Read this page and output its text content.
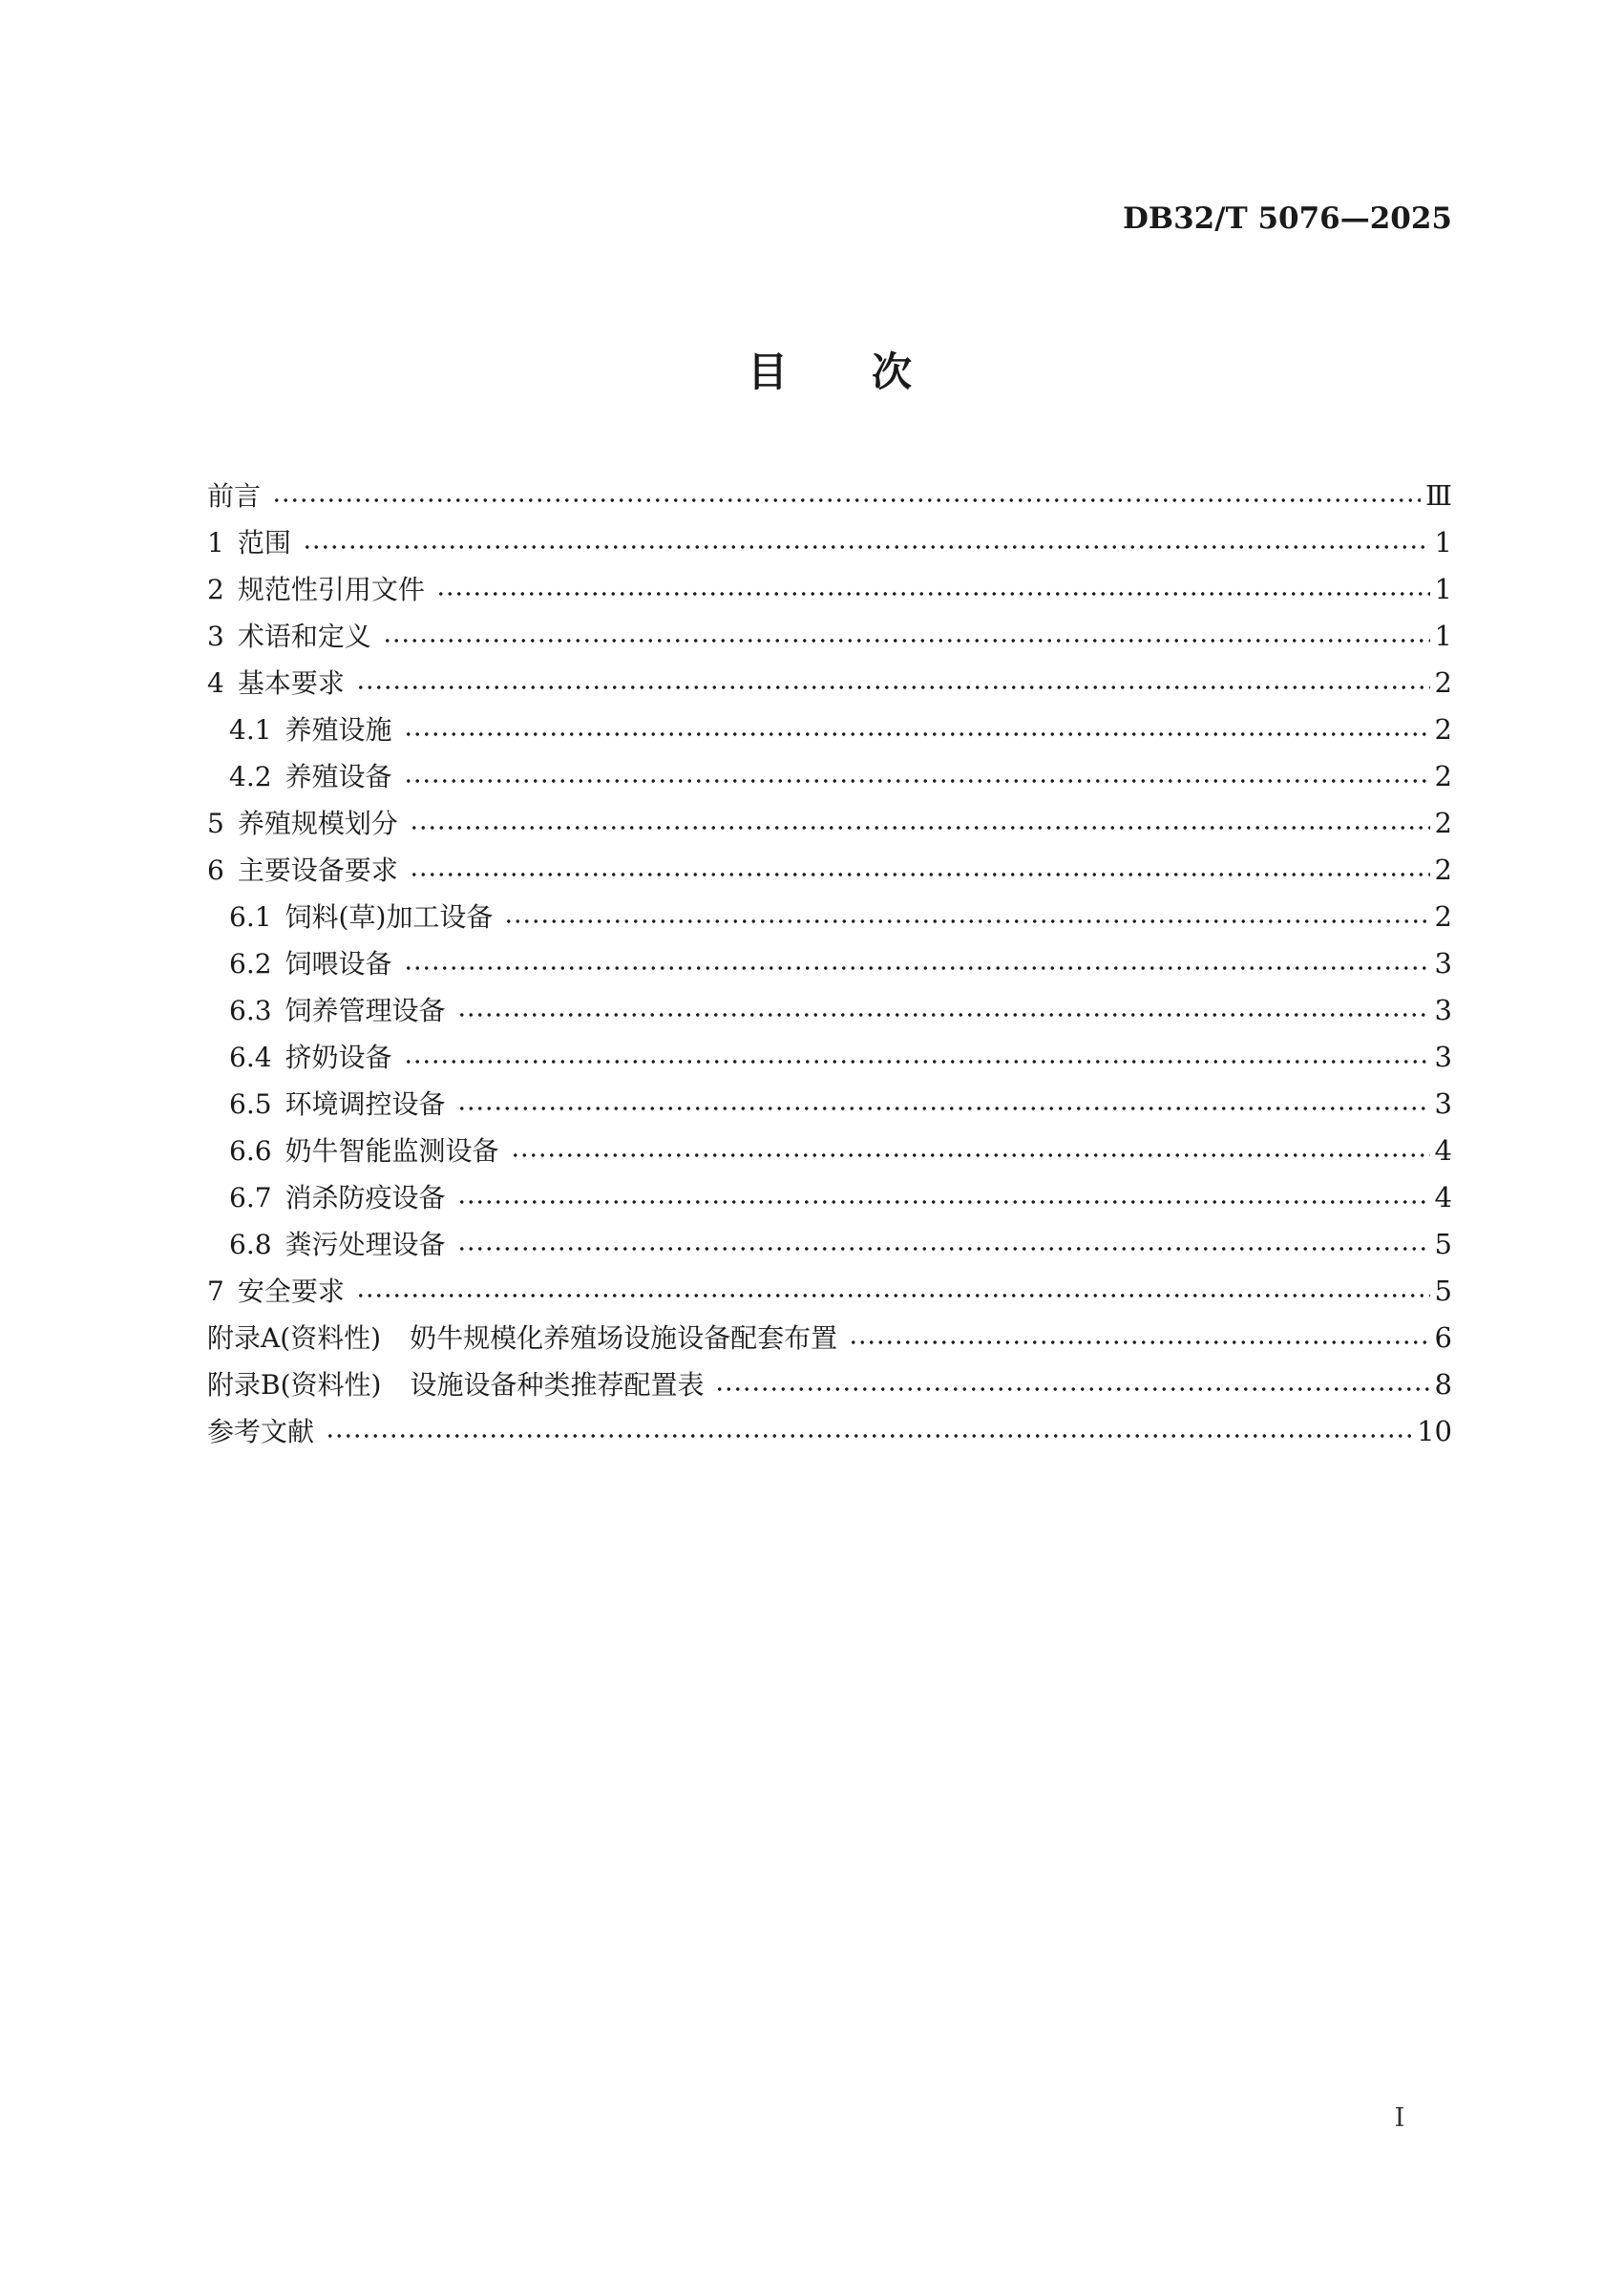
DB32/T 5076—2025
目次
前言	Ⅲ
1 范围	1
2 规范性引用文件	1
3 术语和定义	1
4 基本要求	2
4.1 养殖设施	2
4.2 养殖设备	2
5 养殖规模划分	2
6 主要设备要求	2
6.1 饲料(草)加工设备	2
6.2 饲喂设备	3
6.3 饲养管理设备	3
6.4 挤奶设备	3
6.5 环境调控设备	3
6.6 奶牛智能监测设备	4
6.7 消杀防疫设备	4
6.8 粪污处理设备	5
7 安全要求	5
附录A(资料性) 奶牛规模化养殖场设施设备配套布置	6
附录B(资料性) 设施设备种类推荐配置表	8
参考文献	10
Ⅰ
